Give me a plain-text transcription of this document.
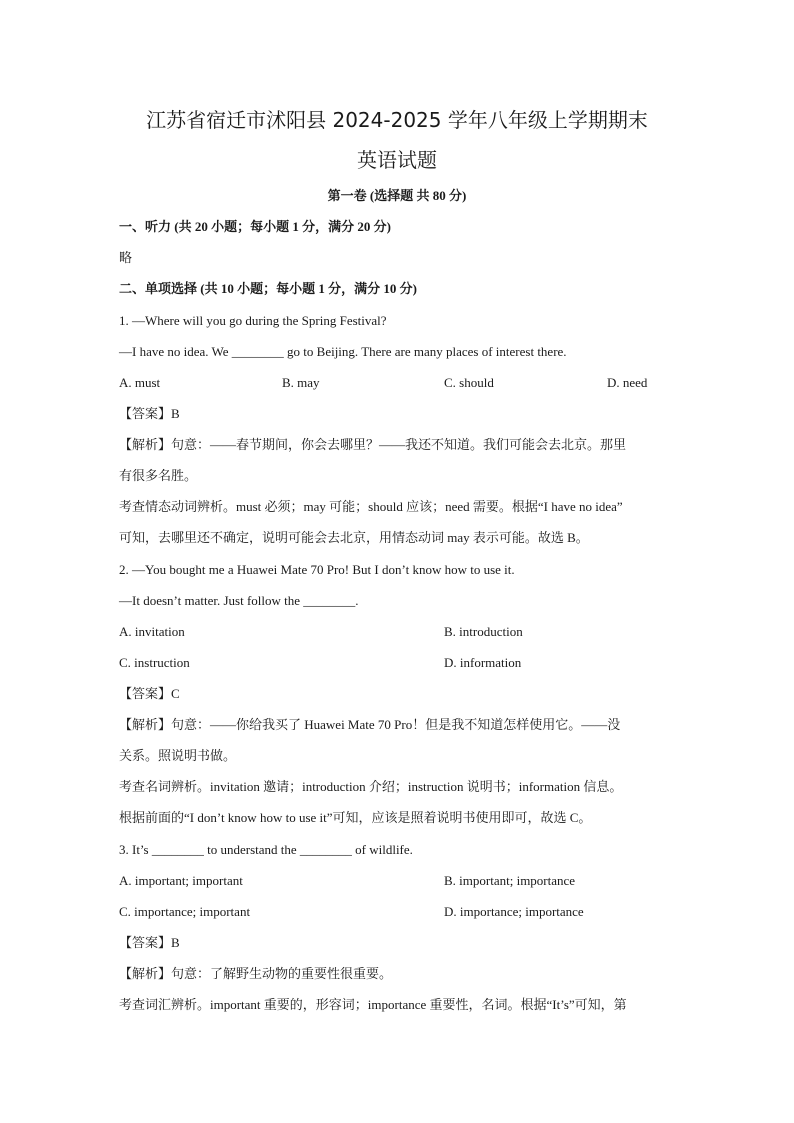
江苏省宿迁市沭阳县 2024-2025 学年八年级上学期期末
英语试题
第一卷 (选择题 共 80 分)
一、听力 (共 20 小题；每小题 1 分，满分 20 分)
略
二、单项选择 (共 10 小题；每小题 1 分，满分 10 分)
1. —Where will you go during the Spring Festival?
—I have no idea. We ________ go to Beijing. There are many places of interest there.
A. must	B. may	C. should	D. need
【答案】B
【解析】句意：——春节期间，你会去哪里？——我还不知道。我们可能会去北京。那里
有很多名胜。
考查情态动词辨析。must 必须；may 可能；should 应该；need 需要。根据“I have no idea”
可知，去哪里还不确定，说明可能会去北京，用情态动词 may 表示可能。故选 B。
2. —You bought me a Huawei Mate 70 Pro! But I don’t know how to use it.
—It doesn’t matter. Just follow the ________.
A. invitation	B. introduction
C. instruction	D. information
【答案】C
【解析】句意：——你给我买了 Huawei Mate 70 Pro！但是我不知道怎样使用它。——没
关系。照说明书做。
考查名词辨析。invitation 邀请；introduction 介绍；instruction 说明书；information 信息。
根据前面的“I don’t know how to use it”可知，应该是照着说明书使用即可，故选 C。
3. It’s ________ to understand the ________ of wildlife.
A. important; important	B. important; importance
C. importance; important	D. importance; importance
【答案】B
【解析】句意：了解野生动物的重要性很重要。
考查词汇辨析。important 重要的，形容词；importance 重要性，名词。根据“It’s”可知，第
